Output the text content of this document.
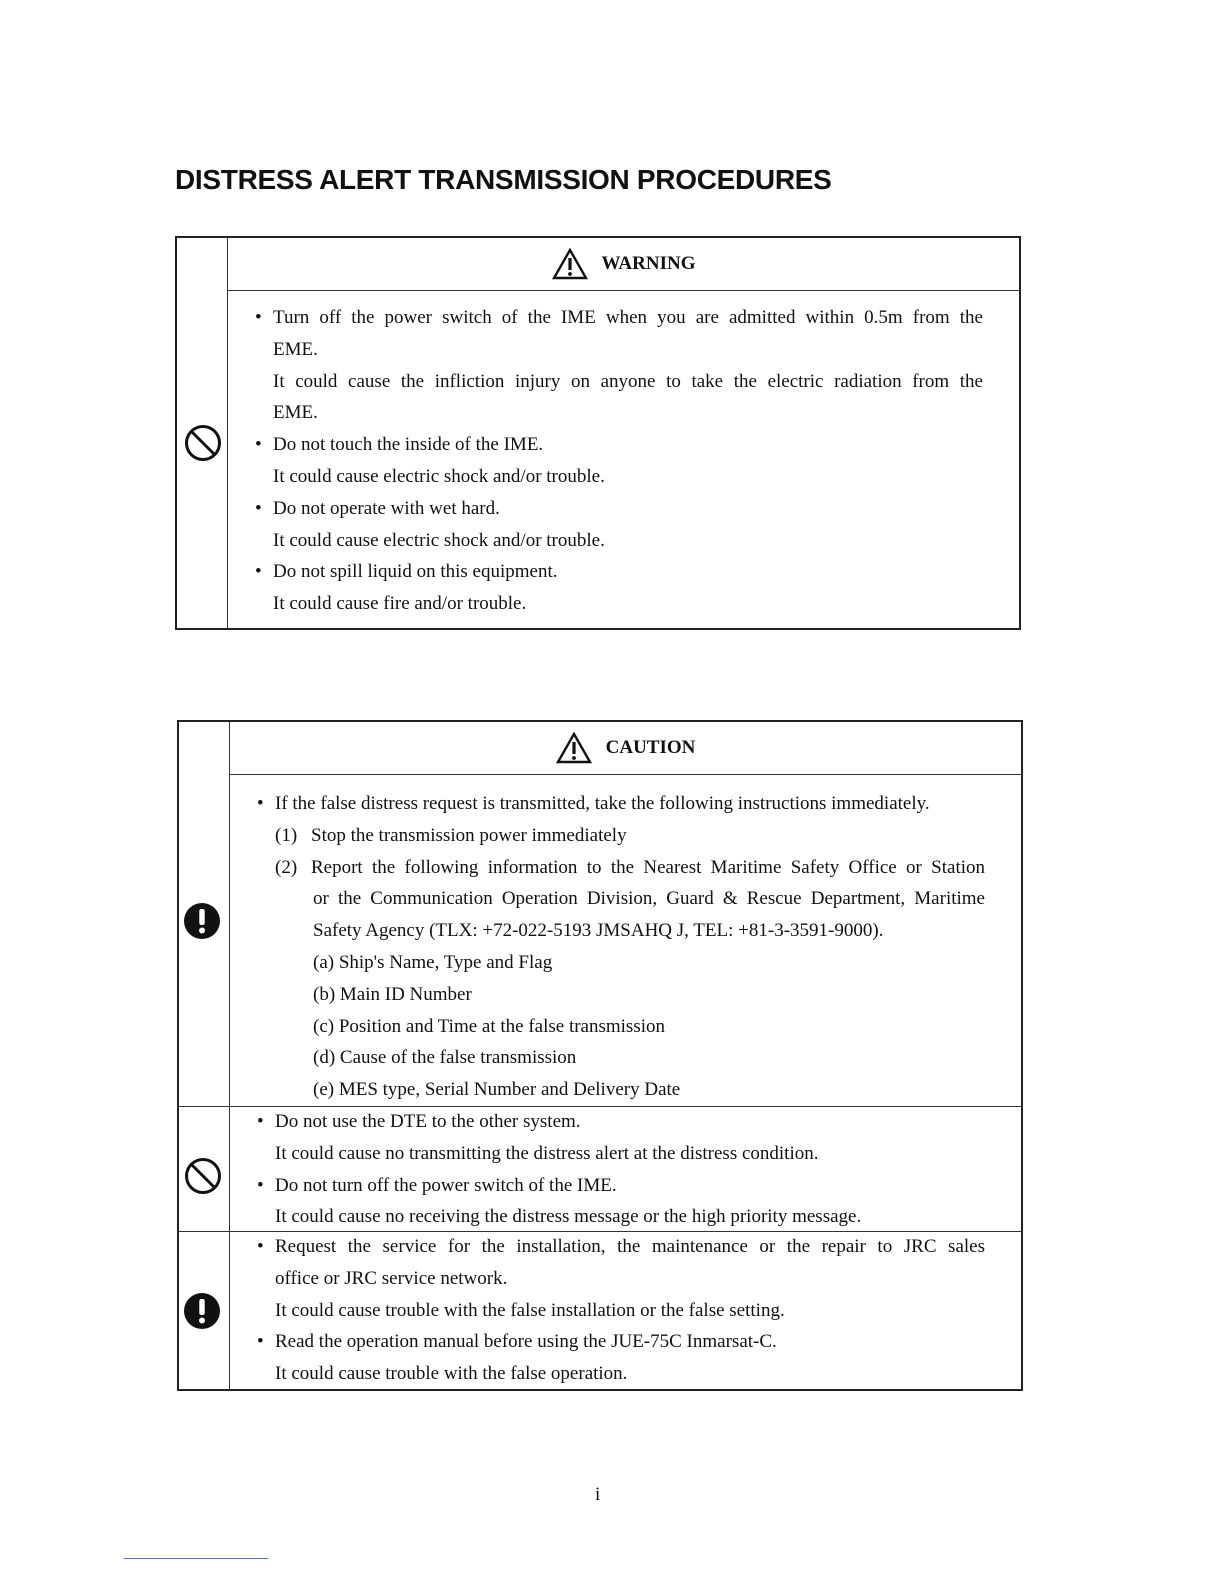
DISTRESS ALERT TRANSMISSION PROCEDURES
WARNING
• Turn off the power switch of the IME when you are admitted within 0.5m from the
EME.
It could cause the infliction injury on anyone to take the electric radiation from the
EME.
• Do not touch the inside of the IME.
It could cause electric shock and/or trouble.
• Do not operate with wet hard.
It could cause electric shock and/or trouble.
• Do not spill liquid on this equipment.
It could cause fire and/or trouble.
CAUTION
• If the false distress request is transmitted, take the following instructions immediately.
(1) Stop the transmission power immediately
(2) Report the following information to the Nearest Maritime Safety Office or Station
or the Communication Operation Division, Guard & Rescue Department, Maritime
Safety Agency (TLX: +72-022-5193 JMSAHQ J, TEL: +81-3-3591-9000).
(a) Ship's Name, Type and Flag
(b) Main ID Number
(c) Position and Time at the false transmission
(d) Cause of the false transmission
(e) MES type, Serial Number and Delivery Date
• Do not use the DTE to the other system.
It could cause no transmitting the distress alert at the distress condition.
• Do not turn off the power switch of the IME.
It could cause no receiving the distress message or the high priority message.
• Request the service for the installation, the maintenance or the repair to JRC sales
office or JRC service network.
It could cause trouble with the false installation or the false setting.
• Read the operation manual before using the JUE-75C Inmarsat-C.
It could cause trouble with the false operation.
i
